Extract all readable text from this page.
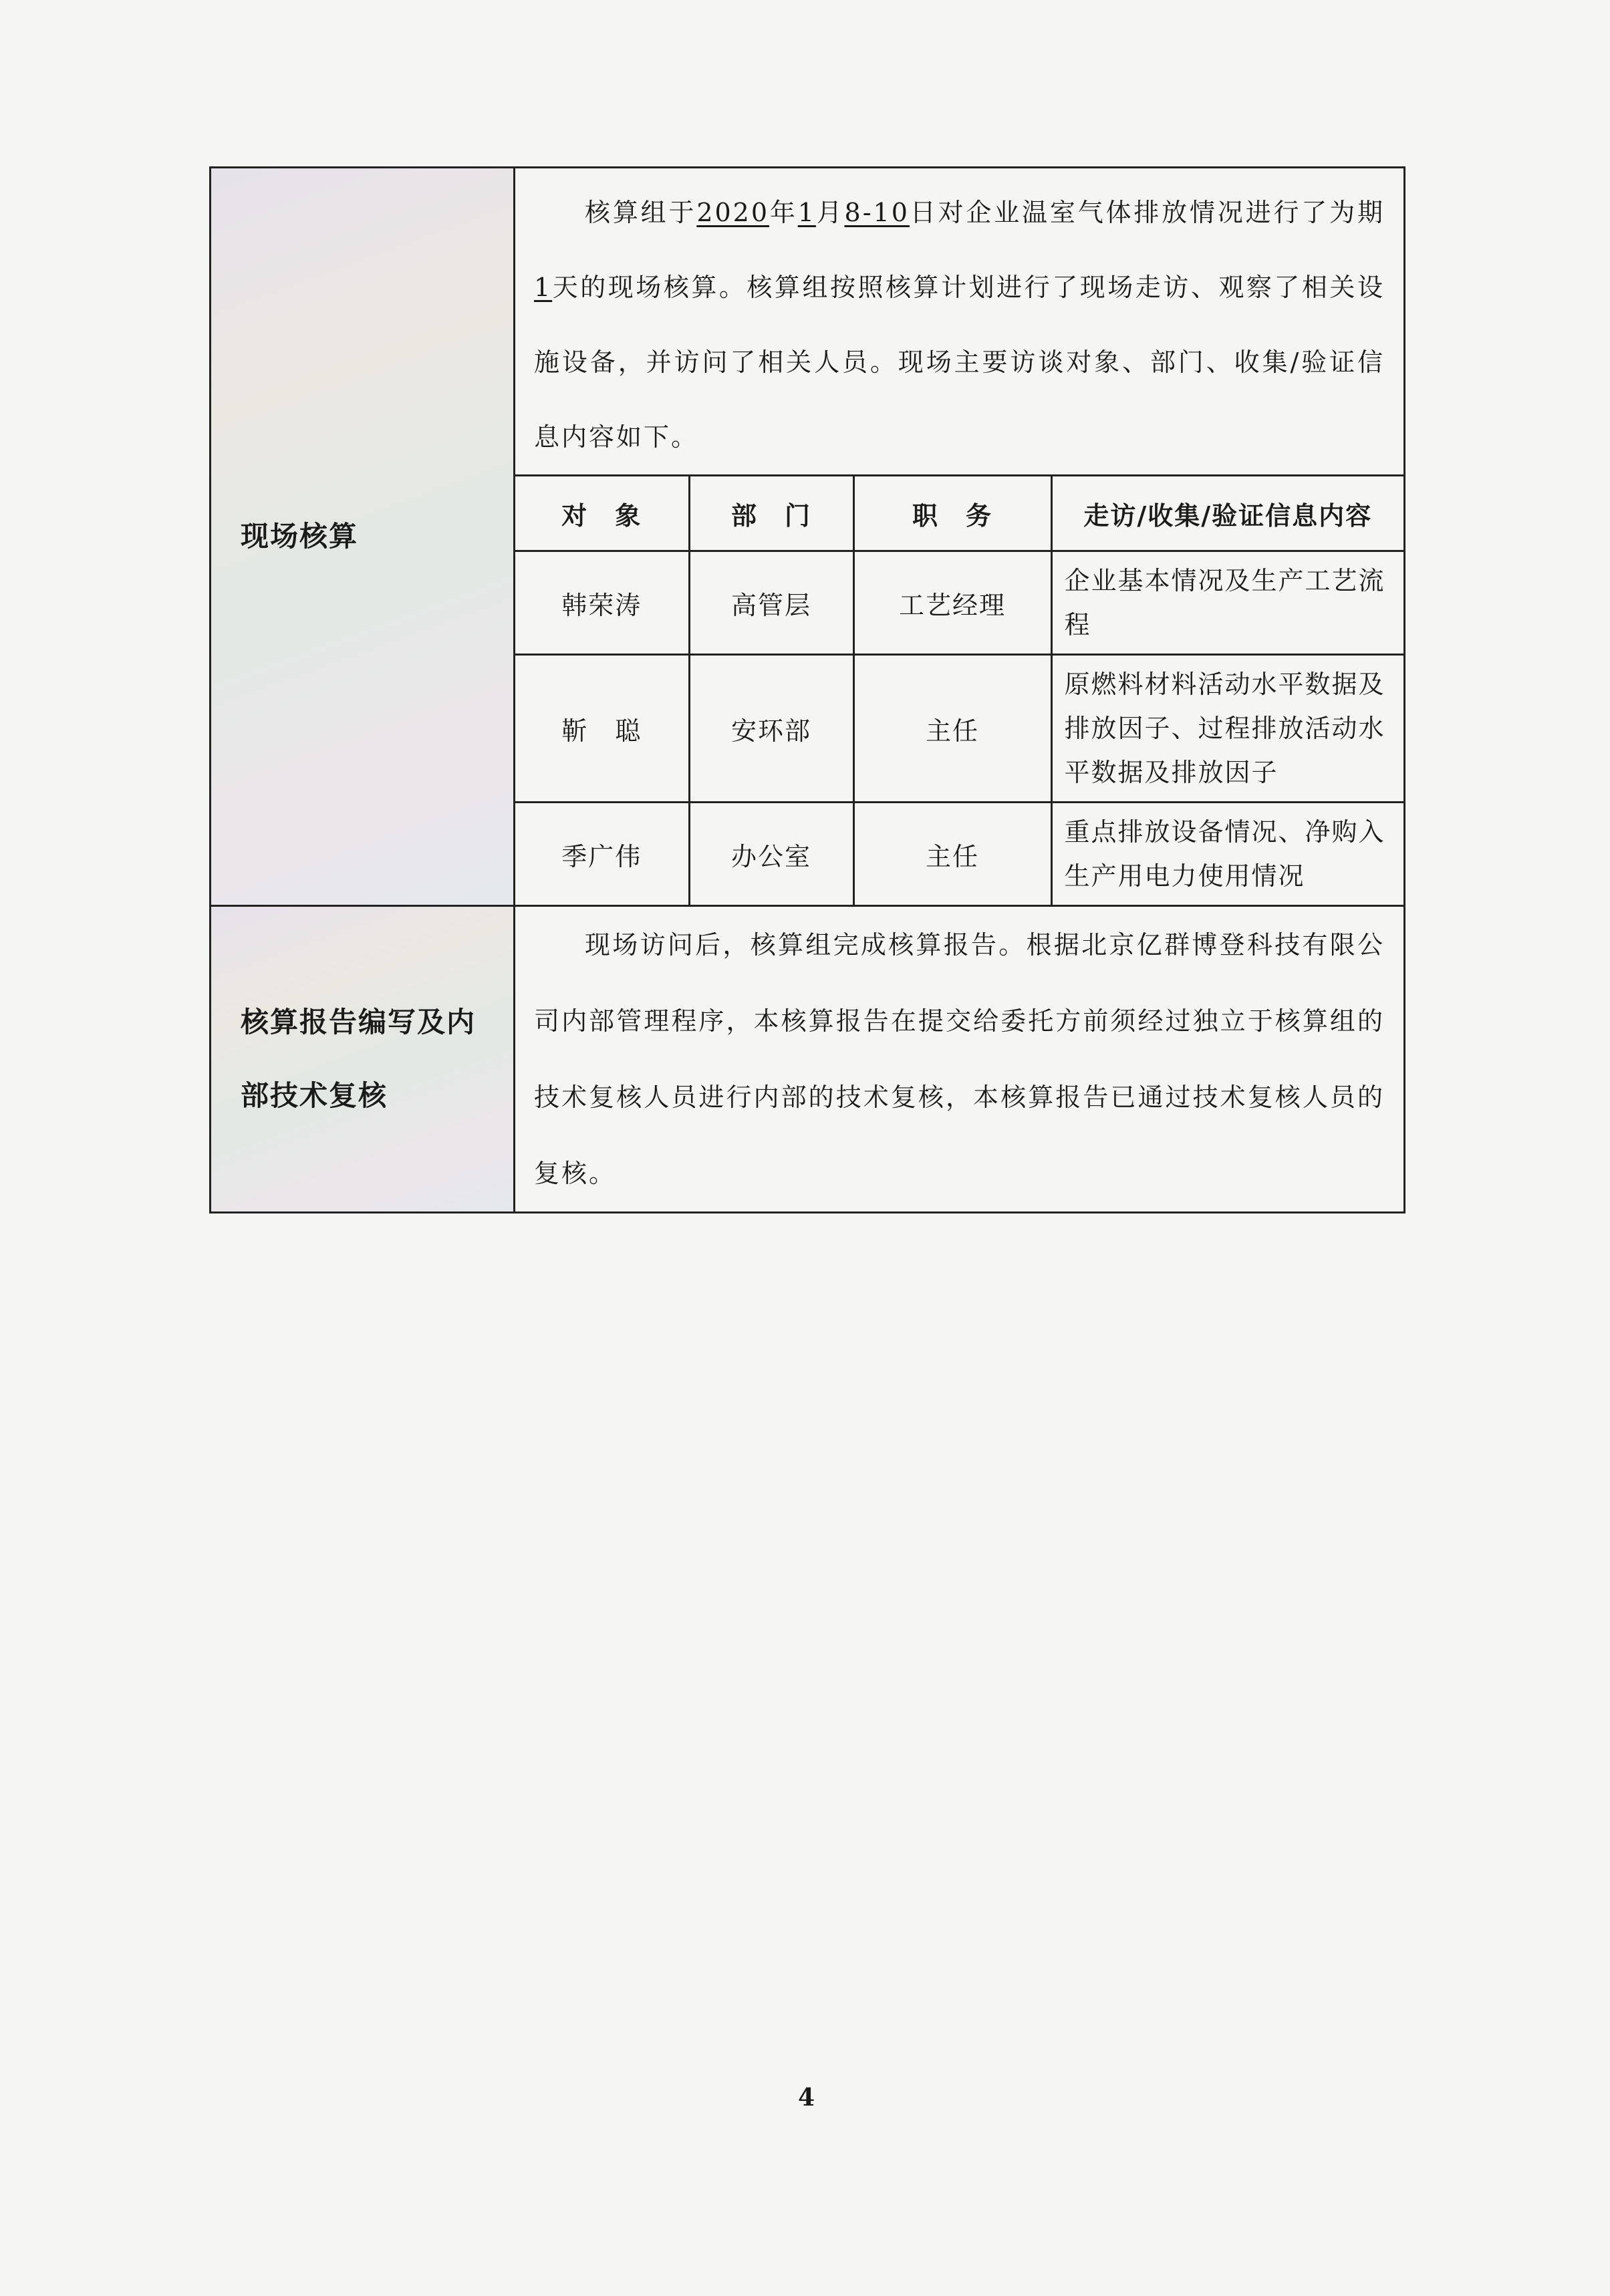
现场核算

核算组于2020年1月8-10日对企业温室气体排放情况进行了为期1天的现场核算。核算组按照核算计划进行了现场走访、观察了相关设施设备，并访问了相关人员。现场主要访谈对象、部门、收集/验证信息内容如下。
对　象	部　门	职　务	走访/收集/验证信息内容
韩荣涛	高管层	工艺经理	企业基本情况及生产工艺流程
靳　聪	安环部	主任	原燃料材料活动水平数据及排放因子、过程排放活动水平数据及排放因子
季广伟	办公室	主任	重点排放设备情况、净购入生产用电力使用情况

核算报告编写及内部技术复核

现场访问后，核算组完成核算报告。根据北京亿群博登科技有限公司内部管理程序，本核算报告在提交给委托方前须经过独立于核算组的技术复核人员进行内部的技术复核，本核算报告已通过技术复核人员的复核。
4
